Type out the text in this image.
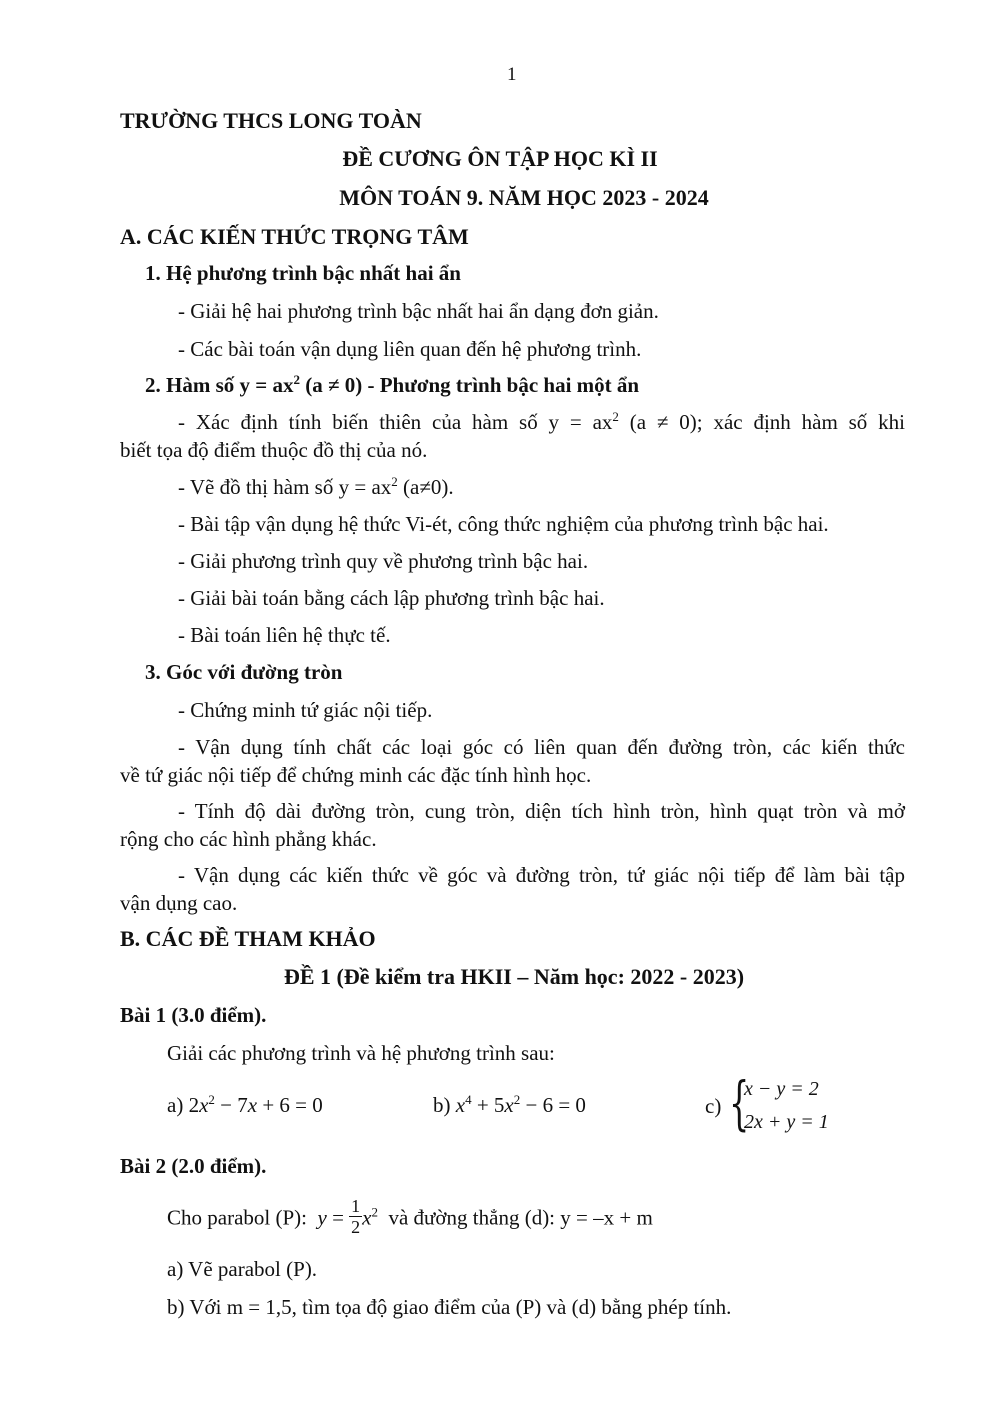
1
TRƯỜNG THCS LONG TOÀN
ĐỀ CƯƠNG ÔN TẬP HỌC KÌ II
MÔN TOÁN 9. NĂM HỌC 2023 - 2024
A. CÁC KIẾN THỨC TRỌNG TÂM
1. Hệ phương trình bậc nhất hai ẩn
- Giải hệ hai phương trình bậc nhất hai ẩn dạng đơn giản.
- Các bài toán vận dụng liên quan đến hệ phương trình.
2. Hàm số $y = ax^2$ (a ≠ 0) - Phương trình bậc hai một ẩn
- Xác định tính biến thiên của hàm số $y = ax^2$ (a ≠ 0); xác định hàm số khi
biết tọa độ điểm thuộc đồ thị của nó.
- Vẽ đồ thị hàm số $y = ax^2$ (a≠0).
- Bài tập vận dụng hệ thức Vi-ét, công thức nghiệm của phương trình bậc hai.
- Giải phương trình quy về phương trình bậc hai.
- Giải bài toán bằng cách lập phương trình bậc hai.
- Bài toán liên hệ thực tế.
3. Góc với đường tròn
- Chứng minh tứ giác nội tiếp.
- Vận dụng tính chất các loại góc có liên quan đến đường tròn, các kiến thức
về tứ giác nội tiếp để chứng minh các đặc tính hình học.
- Tính độ dài đường tròn, cung tròn, diện tích hình tròn, hình quạt tròn và mở
rộng cho các hình phẳng khác.
- Vận dụng các kiến thức về góc và đường tròn, tứ giác nội tiếp để làm bài tập
vận dụng cao.
B. CÁC ĐỀ THAM KHẢO
ĐỀ 1 (Đề kiểm tra HKII – Năm học: 2022 - 2023)
Bài 1 (3.0 điểm).
Giải các phương trình và hệ phương trình sau:
a) $2x^2 - 7x + 6 = 0$	b) $x^4 + 5x^2 - 6 = 0$	c) {
x − y = 2
2x + y = 1
Bài 2 (2.0 điểm).
Cho parabol (P): $y = \frac{1}{2} x^2$ và đường thẳng (d): y = –x + m
a) Vẽ parabol (P).
b) Với m = 1,5, tìm tọa độ giao điểm của (P) và (d) bằng phép tính.
